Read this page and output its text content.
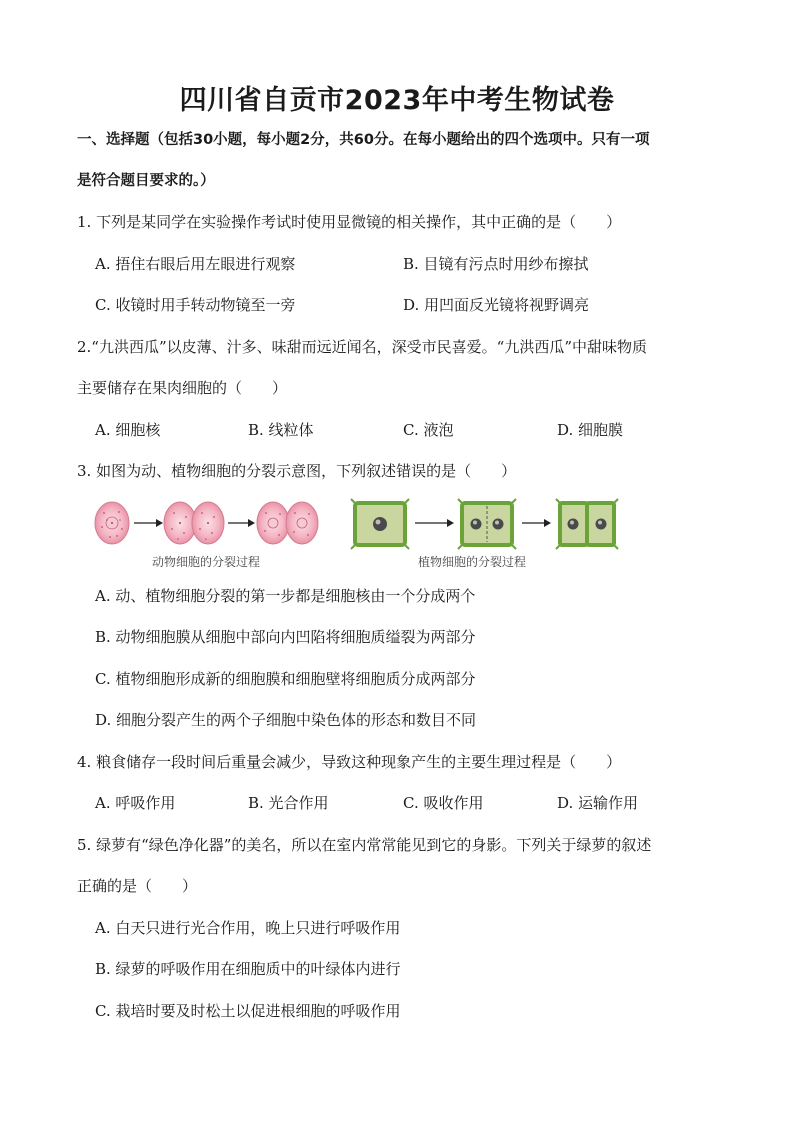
四川省自贡市2023年中考生物试卷
一、选择题（包括30小题，每小题2分，共60分。在每小题给出的四个选项中。只有一项
是符合题目要求的。）
1. 下列是某同学在实验操作考试时使用显微镜的相关操作，其中正确的是（　　）
A. 捂住右眼后用左眼进行观察	B. 目镜有污点时用纱布擦拭
C. 收镜时用手转动物镜至一旁	D. 用凹面反光镜将视野调亮
2.“九洪西瓜”以皮薄、汁多、味甜而远近闻名，深受市民喜爱。“九洪西瓜”中甜味物质
主要储存在果肉细胞的（　　）
A. 细胞核	B. 线粒体	C. 液泡	D. 细胞膜
3. 如图为动、植物细胞的分裂示意图，下列叙述错误的是（　　）
动物细胞的分裂过程	植物细胞的分裂过程
A. 动、植物细胞分裂的第一步都是细胞核由一个分成两个
B. 动物细胞膜从细胞中部向内凹陷将细胞质缢裂为两部分
C. 植物细胞形成新的细胞膜和细胞壁将细胞质分成两部分
D. 细胞分裂产生的两个子细胞中染色体的形态和数目不同
4. 粮食储存一段时间后重量会减少，导致这种现象产生的主要生理过程是（　　）
A. 呼吸作用	B. 光合作用	C. 吸收作用	D. 运输作用
5. 绿萝有“绿色净化器”的美名，所以在室内常常能见到它的身影。下列关于绿萝的叙述
正确的是（　　）
A. 白天只进行光合作用，晚上只进行呼吸作用
B. 绿萝的呼吸作用在细胞质中的叶绿体内进行
C. 栽培时要及时松土以促进根细胞的呼吸作用
